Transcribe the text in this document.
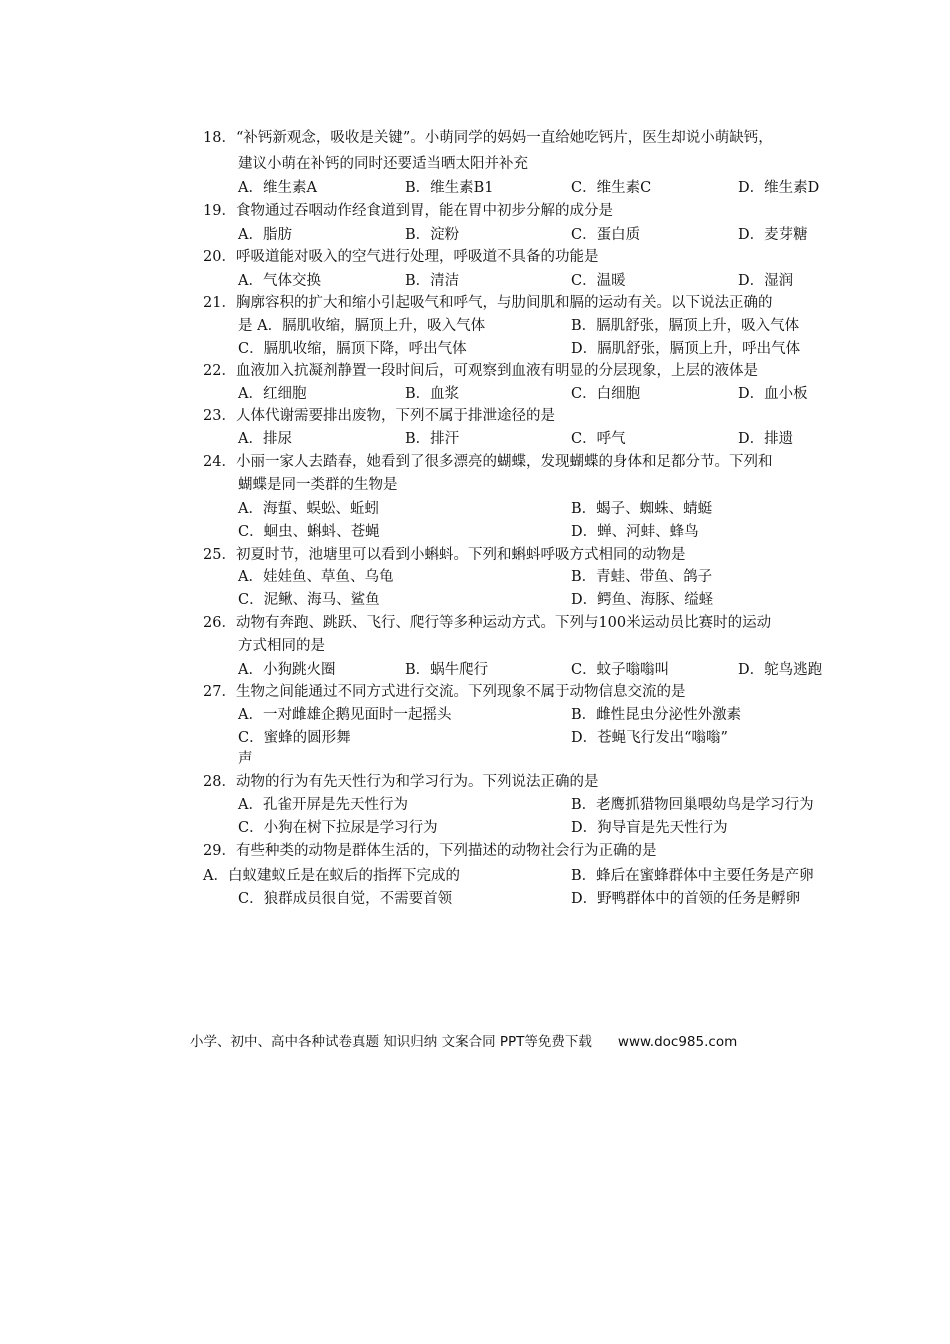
18．“补钙新观念，吸收是关键”。小萌同学的妈妈一直给她吃钙片，医生却说小萌缺钙，
建议小萌在补钙的同时还要适当晒太阳并补充
A．维生素A	B．维生素B1	C．维生素C	D．维生素D
19．食物通过吞咽动作经食道到胃，能在胃中初步分解的成分是
A．脂肪	B．淀粉	C．蛋白质	D．麦芽糖
20．呼吸道能对吸入的空气进行处理，呼吸道不具备的功能是
A．气体交换	B．清洁	C．温暖	D．湿润
21．胸廓容积的扩大和缩小引起吸气和呼气，与肋间肌和膈的运动有关。以下说法正确的
是 A．膈肌收缩，膈顶上升，吸入气体	B．膈肌舒张，膈顶上升，吸入气体
C．膈肌收缩，膈顶下降，呼出气体	D．膈肌舒张，膈顶上升，呼出气体
22．血液加入抗凝剂静置一段时间后，可观察到血液有明显的分层现象，上层的液体是
A．红细胞	B．血浆	C．白细胞	D．血小板
23．人体代谢需要排出废物，下列不属于排泄途径的是
A．排尿	B．排汗	C．呼气	D．排遗
24．小丽一家人去踏春，她看到了很多漂亮的蝴蝶，发现蝴蝶的身体和足都分节。下列和
蝴蝶是同一类群的生物是
A．海蜇、蜈蚣、蚯蚓	B．蝎子、蜘蛛、蜻蜓
C．蛔虫、蝌蚪、苍蝇	D．蝉、河蚌、蜂鸟
25．初夏时节，池塘里可以看到小蝌蚪。下列和蝌蚪呼吸方式相同的动物是
A．娃娃鱼、草鱼、乌龟	B．青蛙、带鱼、鸽子
C．泥鳅、海马、鲨鱼	D．鳄鱼、海豚、缢蛏
26．动物有奔跑、跳跃、飞行、爬行等多种运动方式。下列与100米运动员比赛时的运动
方式相同的是
A．小狗跳火圈	B．蜗牛爬行	C．蚊子嗡嗡叫	D．鸵鸟逃跑
27．生物之间能通过不同方式进行交流。下列现象不属于动物信息交流的是
A．一对雌雄企鹅见面时一起摇头	B．雌性昆虫分泌性外激素
C．蜜蜂的圆形舞	D．苍蝇飞行发出“嗡嗡”
声
28．动物的行为有先天性行为和学习行为。下列说法正确的是
A．孔雀开屏是先天性行为	B．老鹰抓猎物回巢喂幼鸟是学习行为
C．小狗在树下拉尿是学习行为	D．狗导盲是先天性行为
29．有些种类的动物是群体生活的，下列描述的动物社会行为正确的是
A．白蚁建蚁丘是在蚁后的指挥下完成的	B．蜂后在蜜蜂群体中主要任务是产卵
C．狼群成员很自觉，不需要首领	D．野鸭群体中的首领的任务是孵卵
小学、初中、高中各种试卷真题 知识归纳 文案合同 PPT等免费下载 www.doc985.com
